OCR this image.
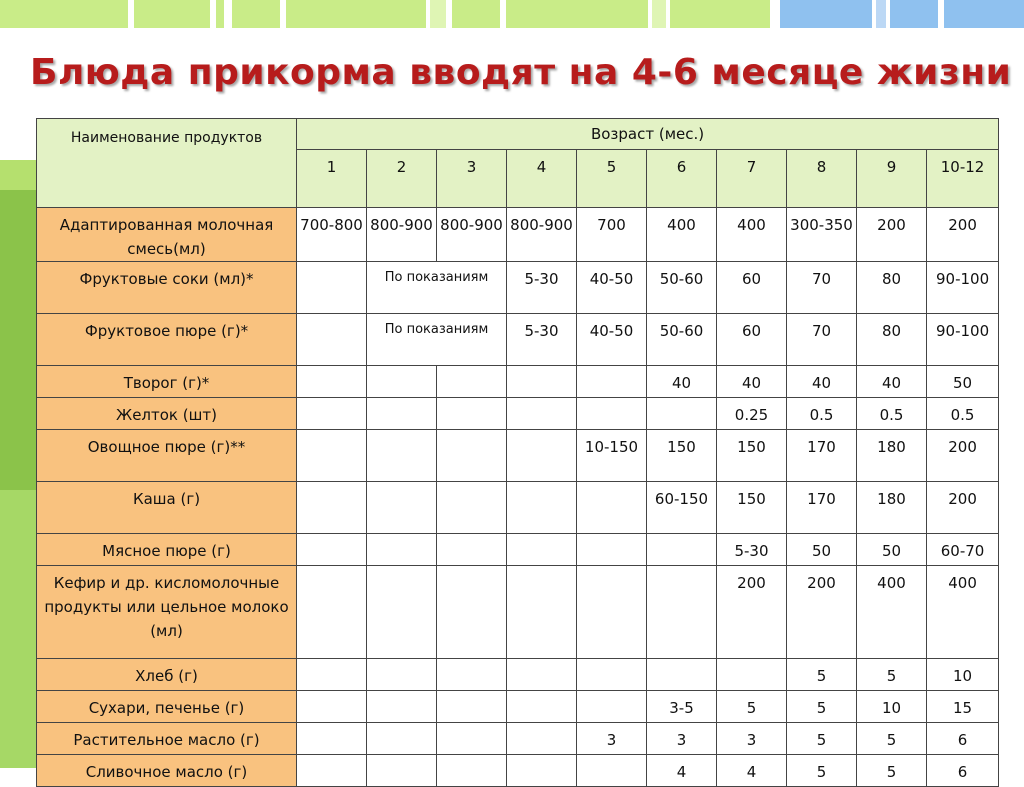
Блюда прикорма вводят на 4-6 месяце жизни
Наименование продуктов	Возраст (мес.)									
	1	2	3	4	5	6	7	8	9	10-12
Адаптированная молочная смесь(мл)	700-800	800-900	800-900	800-900	700	400	400	300-350	200	200
Фруктовые соки (мл)*		По показаниям		5-30	40-50	50-60	60	70	80	90-100
Фруктовое пюре (г)*		По показаниям		5-30	40-50	50-60	60	70	80	90-100
Творог (г)*						40	40	40	40	50
Желток (шт)							0.25	0.5	0.5	0.5
Овощное пюре (г)**					10-150	150	150	170	180	200
Каша (г)						60-150	150	170	180	200
Мясное пюре (г)							5-30	50	50	60-70
Кефир и др. кисломолочные продукты или цельное молоко (мл)							200	200	400	400
Хлеб (г)								5	5	10
Сухари, печенье (г)						3-5	5	5	10	15
Растительное масло (г)					3	3	3	5	5	6
Сливочное масло (г)						4	4	5	5	6
